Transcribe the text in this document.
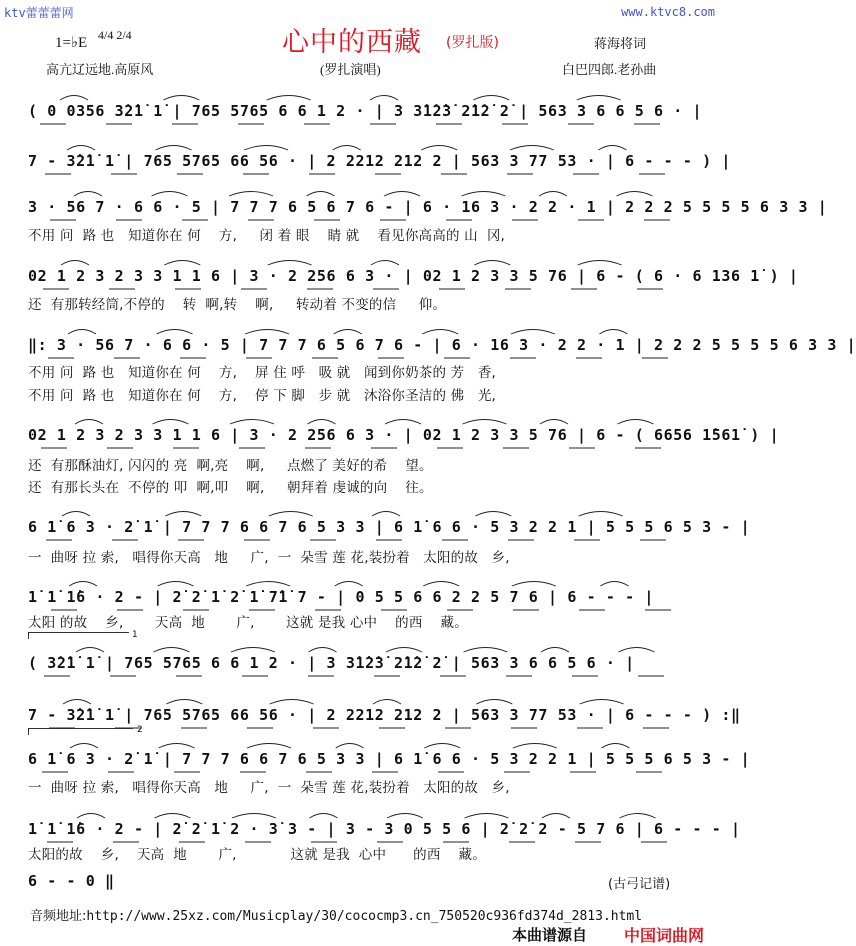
ktv蕾蕾蕾网	www.ktvc8.com
1=♭E 4/4 2/4	心中的西藏 (罗扎版)	蒋海将词
高亢辽远地.高原风	(罗扎演唱)	白巴四郎.老孙曲
( 0 0356 3̇2̇1̇ 1̇ | 765 5765 6 6 1 2 · | 3 3̇1̇2̇3̇ 2̇1̇2̇ 2̇ | 563 3 6 6 5 6 · |
7 - 3̇2̇1̇ 1̇ | 765 5765 66 56 · | 2 2212 212 2 | 563 3 77 53 · | 6 - - - ) |
3 · 56 7 · 6 6 · 5 | 7 7 7 6 5 6 7 6 - | 6 · 16 3 · 2 2 · 1 | 2 2 2 5 5 5 5 6 3 3 |
不用 问  路 也   知道你在 何    方,     闭 着 眼    睛 就    看见你高高的 山  冈,
02 1 2 3 2 3 3 1 1 6 | 3 · 2 256 6 3 · | 02 1 2 3 3 5 76 | 6 - ( 6 · 6 136 1̇ ) |
还  有那转经筒,不停的    转  啊,转    啊,     转动着 不变的信     仰。
‖: 3 · 56 7 · 6 6 · 5 | 7 7 7 6 5 6 7 6 - | 6 · 16 3 · 2 2 · 1 | 2 2 2 5 5 5 5 6 3 3 |
不用 问  路 也   知道你在 何    方,    屏 住 呼   吸 就   闻到你奶茶的 芳   香,
不用 问  路 也   知道你在 何    方,    停 下 脚   步 就   沐浴你圣洁的 佛   光,
02 1 2 3 2 3 3 1 1 6 | 3 · 2 256 6 3 · | 02 1 2 3 3 5 76 | 6 - ( 6656 1̇561̇ ) |
还  有那酥油灯, 闪闪的 亮  啊,亮    啊,     点燃了 美好的希    望。
还  有那长头在  不停的 叩  啊,叩    啊,     朝拜着 虔诚的向    往。
6 1̇ 6 3 · 2̇ 1̇ | 7 7 7 6 6 7 6 5 3 3 | 6 1̇ 6 6 · 5 3 2 2 1 | 5 5 5 6 5 3 - |
一  曲呀 拉 索,   唱得你天高   地     广,  一  朵雪 莲 花,装扮着   太阳的故   乡,
1̇ 1̇ 1̇6 · 2 - | 2̇ 2̇ 1̇ 2̇ 1̇ 7̇1̇ 7 - | 0 5 5 6 6 2 2 5 7 6 | 6 - - - |
太阳 的故    乡,       天高  地       广,       这就 是我 心中    的西    藏。
1
( 3̇2̇1̇ 1̇ | 765 5765 6 6 1 2 · | 3 3̇1̇2̇3̇ 2̇1̇2̇ 2̇ | 563 3 6 6 5 6 · |
7 - 3̇2̇1̇ 1̇ | 765 5765 66 56 · | 2 2212 212 2 | 563 3 77 53 · | 6 - - - ) :‖
2
6 1̇ 6 3 · 2̇ 1̇ | 7 7 7 6 6 7 6 5 3 3 | 6 1̇ 6 6 · 5 3 2 2 1 | 5 5 5 6 5 3 - |
一  曲呀 拉 索,   唱得你天高   地     广,  一  朵雪 莲 花,装扮着   太阳的故   乡,
1̇ 1̇ 1̇6 · 2 - | 2̇ 2̇ 1̇ 2 · 3̇ 3 - | 3 - 3 0 5 5 6 | 2̇ 2̇ 2 - 5 7 6 | 6 - - - |
太阳的故    乡,    天高  地       广,            这就 是我  心中      的西    藏。
6 - - 0 ‖	(古弓记谱)
音频地址:http://www.25xz.com/Musicplay/30/cococmp3.cn_750520c936fd374d_2813.html
本曲谱源自 中国词曲网
